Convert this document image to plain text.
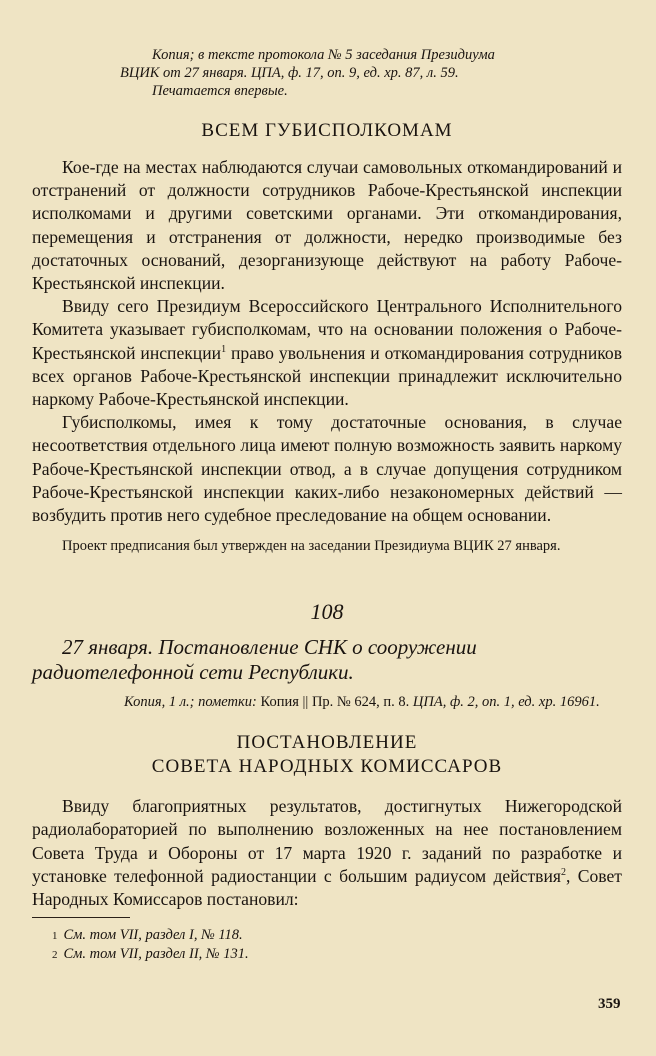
Копия; в тексте протокола № 5 заседания Президиума
ВЦИК от 27 января. ЦПА, ф. 17, оп. 9, ед. хр. 87, л. 59.
Печатается впервые.
ВСЕМ ГУБИСПОЛКОМАМ

Кое-где на местах наблюдаются случаи самовольных откомандирований и отстранений от должности сотрудников Рабоче-Крестьянской инспекции исполкомами и другими советскими органами. Эти откомандирования, перемещения и отстранения от должности, нередко производимые без достаточных оснований, дезорганизующе действуют на работу Рабоче-Крестьянской инспекции.

Ввиду сего Президиум Всероссийского Центрального Исполнительного Комитета указывает губисполкомам, что на основании положения о Рабоче-Крестьянской инспекции$^1$ право увольнения и откомандирования сотрудников всех органов Рабоче-Крестьянской инспекции принадлежит исключительно наркому Рабоче-Крестьянской инспекции.

Губисполкомы, имея к тому достаточные основания, в случае несоответствия отдельного лица имеют полную возможность заявить наркому Рабоче-Крестьянской инспекции отвод, а в случае допущения сотрудником Рабоче-Крестьянской инспекции каких-либо незакономерных действий — возбудить против него судебное преследование на общем основании.

Проект предписания был утвержден на заседании Президиума ВЦИК 27 января.
108

27 января. Постановление СНК о сооружении радиотелефонной сети Республики.

Копия, 1 л.; пометки: Копия || Пр. № 624, п. 8. ЦПА, ф. 2, оп. 1, ед. хр. 16961.
ПОСТАНОВЛЕНИЕ
СОВЕТА НАРОДНЫХ КОМИССАРОВ

Ввиду благоприятных результатов, достигнутых Нижегородской радиолабораторией по выполнению возложенных на нее постановлением Совета Труда и Обороны от 17 марта 1920 г. заданий по разработке и установке телефонной радиостанции с большим радиусом действия$^2$, Совет Народных Комиссаров постановил:

1 См. том VII, раздел I, № 118.
2 См. том VII, раздел II, № 131.
359
